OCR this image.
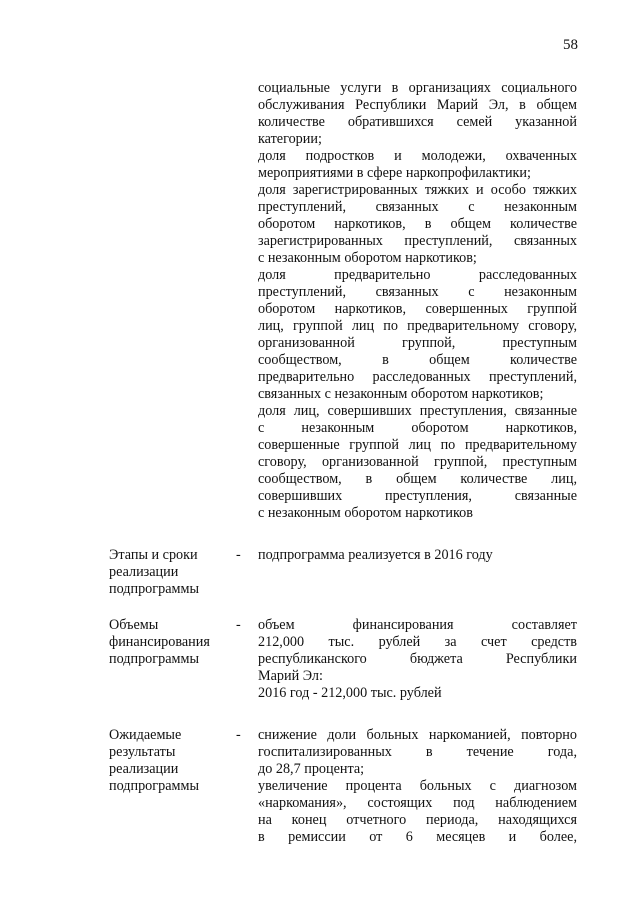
58
социальные услуги в организациях социального
обслуживания Республики Марий Эл, в общем
количестве обратившихся семей указанной
категории;
доля подростков и молодежи, охваченных
мероприятиями в сфере наркопрофилактики;
доля зарегистрированных тяжких и особо тяжких
преступлений, связанных с незаконным
оборотом наркотиков, в общем количестве
зарегистрированных преступлений, связанных
с незаконным оборотом наркотиков;
доля предварительно расследованных
преступлений, связанных с незаконным
оборотом наркотиков, совершенных группой
лиц, группой лиц по предварительному сговору,
организованной группой, преступным
сообществом, в общем количестве
предварительно расследованных преступлений,
связанных с незаконным оборотом наркотиков;
доля лиц, совершивших преступления, связанные
с незаконным оборотом наркотиков,
совершенные группой лиц по предварительному
сговору, организованной группой, преступным
сообществом, в общем количестве лиц,
совершивших преступления, связанные
с незаконным оборотом наркотиков
Этапы и сроки
реализации
подпрограммы
- подпрограмма реализуется в 2016 году
Объемы
финансирования
подпрограммы
- объем финансирования составляет
212,000 тыс. рублей за счет средств
республиканского бюджета Республики
Марий Эл:
2016 год - 212,000 тыс. рублей
Ожидаемые
результаты
реализации
подпрограммы
- снижение доли больных наркоманией, повторно
госпитализированных в течение года,
до 28,7 процента;
увеличение процента больных с диагнозом
«наркомания», состоящих под наблюдением
на конец отчетного периода, находящихся
в ремиссии от 6 месяцев и более,
